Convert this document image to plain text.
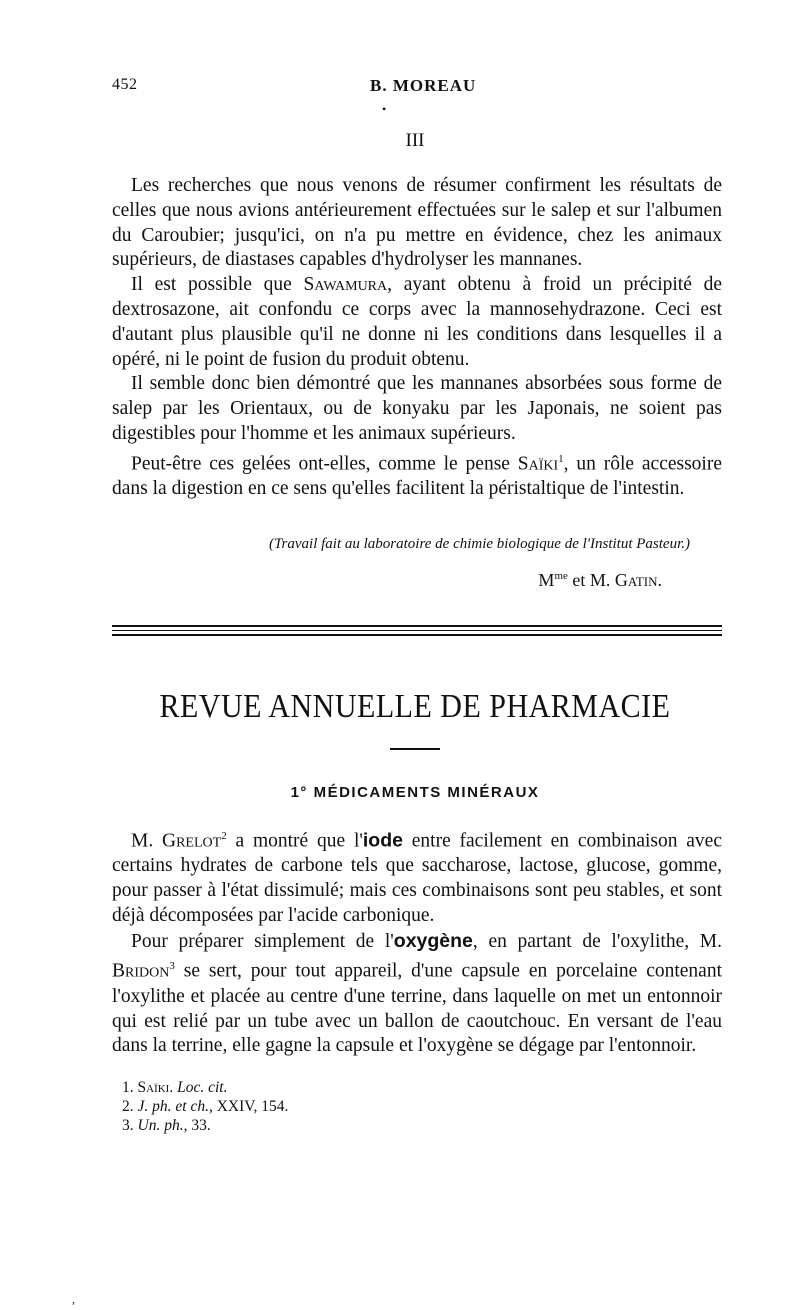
452	B. MOREAU
•
III

Les recherches que nous venons de résumer confirment les résultats de celles que nous avions antérieurement effectuées sur le salep et sur l'albumen du Caroubier; jusqu'ici, on n'a pu mettre en évidence, chez les animaux supérieurs, de diastases capables d'hydrolyser les mannanes.

Il est possible que Sawamura, ayant obtenu à froid un précipité de dextrosazone, ait confondu ce corps avec la mannosehydrazone. Ceci est d'autant plus plausible qu'il ne donne ni les conditions dans lesquelles il a opéré, ni le point de fusion du produit obtenu.

Il semble donc bien démontré que les mannanes absorbées sous forme de salep par les Orientaux, ou de konyaku par les Japonais, ne soient pas digestibles pour l'homme et les animaux supérieurs.

Peut-être ces gelées ont-elles, comme le pense Saïki$^1$, un rôle accessoire dans la digestion en ce sens qu'elles facilitent la péristaltique de l'intestin.

(Travail fait au laboratoire de chimie biologique de l'Institut Pasteur.)
$M^{me}$ et M. Gatin.
REVUE ANNUELLE DE PHARMACIE
1° MÉDICAMENTS MINÉRAUX

M. Grelot$^2$ a montré que l'iode entre facilement en combinaison avec certains hydrates de carbone tels que saccharose, lactose, glucose, gomme, pour passer à l'état dissimulé; mais ces combinaisons sont peu stables, et sont déjà décomposées par l'acide carbonique.

Pour préparer simplement de l'oxygène, en partant de l'oxylithe, M. Bridon$^3$ se sert, pour tout appareil, d'une capsule en porcelaine contenant l'oxylithe et placée au centre d'une terrine, dans laquelle on met un entonnoir qui est relié par un tube avec un ballon de caoutchouc. En versant de l'eau dans la terrine, elle gagne la capsule et l'oxygène se dégage par l'entonnoir.

1. Saïki. Loc. cit.
2. J. ph. et ch., XXIV, 154.
3. Un. ph., 33.
,
